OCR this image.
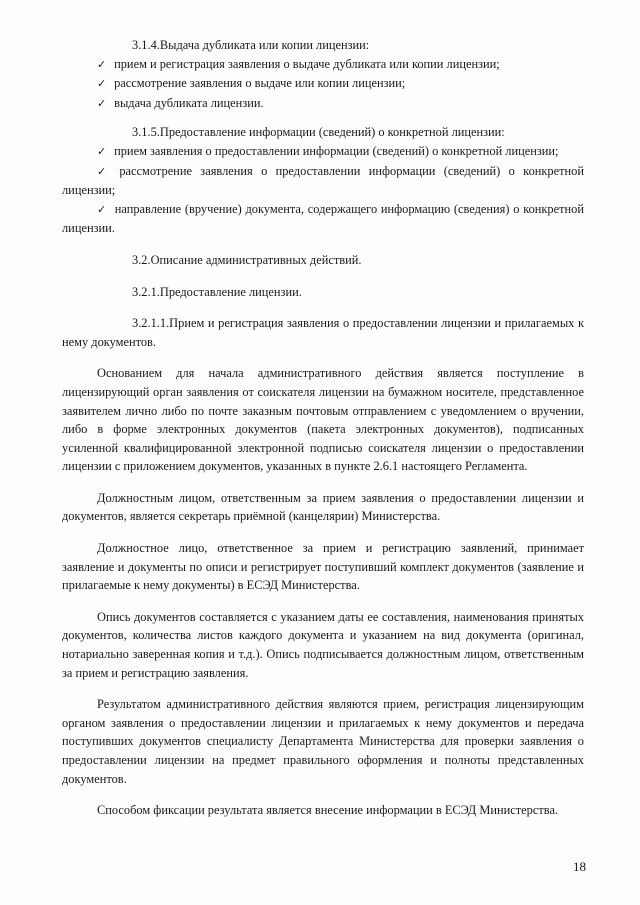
3.1.4.Выдача дубликата или копии лицензии:

✓ прием и регистрация заявления о выдаче дубликата или копии лицензии;

✓ рассмотрение заявления о выдаче или копии лицензии;

✓ выдача дубликата лицензии.

3.1.5.Предоставление информации (сведений) о конкретной лицензии:

✓ прием заявления о предоставлении информации (сведений) о конкретной лицензии;

✓ рассмотрение заявления о предоставлении информации (сведений) о конкретной лицензии;

✓ направление (вручение) документа, содержащего информацию (сведения) о конкретной лицензии.

3.2.Описание административных действий.

3.2.1.Предоставление лицензии.

3.2.1.1.Прием и регистрация заявления о предоставлении лицензии и прилагаемых к нему документов.

Основанием для начала административного действия является поступление в лицензирующий орган заявления от соискателя лицензии на бумажном носителе, представленное заявителем лично либо по почте заказным почтовым отправлением с уведомлением о вручении, либо в форме электронных документов (пакета электронных документов), подписанных усиленной квалифицированной электронной подписью соискателя лицензии о предоставлении лицензии с приложением документов, указанных в пункте 2.6.1 настоящего Регламента.

Должностным лицом, ответственным за прием заявления о предоставлении лицензии и документов, является секретарь приёмной (канцелярии) Министерства.

Должностное лицо, ответственное за прием и регистрацию заявлений, принимает заявление и документы по описи и регистрирует поступивший комплект документов (заявление и прилагаемые к нему документы) в ЕСЭД Министерства.

Опись документов составляется с указанием даты ее составления, наименования принятых документов, количества листов каждого документа и указанием на вид документа (оригинал, нотариально заверенная копия и т.д.). Опись подписывается должностным лицом, ответственным за прием и регистрацию заявления.

Результатом административного действия являются прием, регистрация лицензирующим органом заявления о предоставлении лицензии и прилагаемых к нему документов и передача поступивших документов специалисту Департамента Министерства для проверки заявления о предоставлении лицензии на предмет правильного оформления и полноты представленных документов.

Способом фиксации результата является внесение информации в ЕСЭД Министерства.

18
